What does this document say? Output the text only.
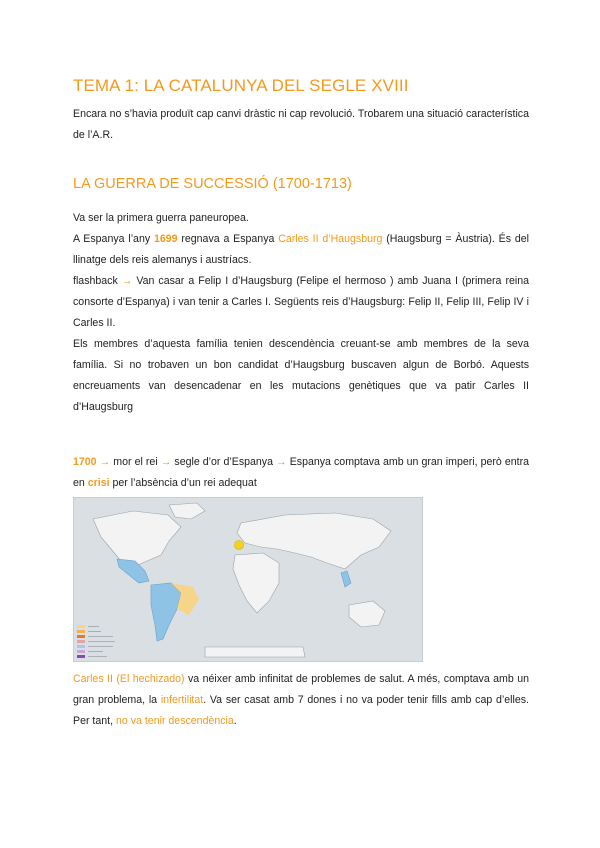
TEMA 1: LA CATALUNYA DEL SEGLE XVIII

Encara no s’havia produït cap canvi dràstic ni cap revolució. Trobarem una situació característica de l’A.R.

LA GUERRA DE SUCCESSIÓ (1700-1713)

Va ser la primera guerra paneuropea.

A Espanya l’any 1699 regnava a Espanya Carles II d’Haugsburg (Haugsburg = Àustria). És del llinatge dels reis alemanys i austríacs.

flashback → Van casar a Felip I d’Haugsburg (Felipe el hermoso ) amb Juana I (primera reina consorte d’Espanya) i van tenir a Carles I. Següents reis d’Haugsburg: Felip II, Felip III, Felip IV i Carles II.

Els membres d’aquesta família tenien descendència creuant-se amb membres de la seva família. Si no trobaven un bon candidat d’Haugsburg buscaven algun de Borbó. Aquests encreuaments van desencadenar en les mutacions genètiques que va patir Carles II d’Haugsburg

1700 → mor el rei → segle d’or d’Espanya → Espanya comptava amb un gran imperi, però entra en crisi per l’absència d’un rei adequat

Carles II (El hechizado) va néixer amb infinitat de problemes de salut. A més, comptava amb un gran problema, la infertilitat. Va ser casat amb 7 dones i no va poder tenir fills amb cap d’elles. Per tant, no va tenir descendència.
